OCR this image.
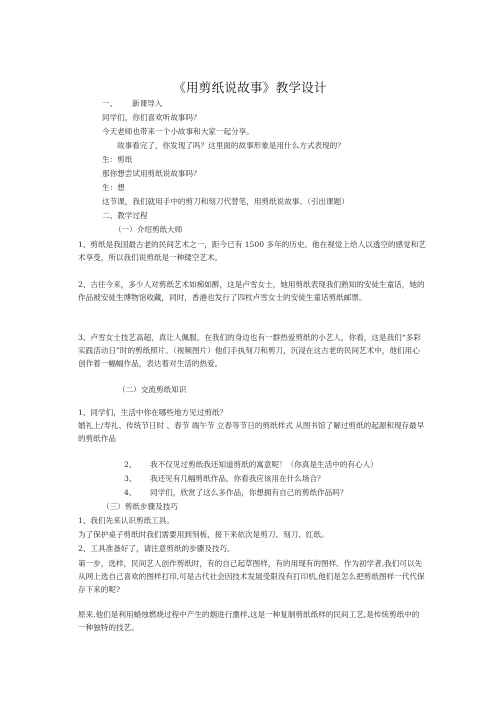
《用剪纸说故事》教学设计
一、 新课导入
同学们，你们喜欢听故事吗？
今天老师也带来一个小故事和大家一起分享。
故事看完了，你发现了吗？这里面的故事形象是用什么方式表现的？
生：剪纸
那你想尝试用剪纸说故事吗？
生：想
这节课，我们就用手中的剪刀和刻刀代替笔，用剪纸说故事。（引出课题）
二、教学过程
（一）介绍剪纸大师
1、剪纸是我国最古老的民间艺术之一，距今已有 1500 多年的历史。他在视觉上给人以透空的感觉和艺术享受，所以我们说剪纸是一种镂空艺术。
2、古往今来，多少人对剪纸艺术如痴如醉，这是卢雪女士，她用剪纸表现我们熟知的安徒生童话，她的作品被安徒生博物馆收藏，同时，香港也发行了四枚卢雪女士的安徒生童话剪纸邮票。
3、卢雪女士技艺高超，真让人佩服。在我们的身边也有一群热爱剪纸的小艺人，你看，这是我们“多彩实践活动日”时的剪纸照片。（视频图片）他们手执刻刀和剪刀，沉浸在这古老的民间艺术中，他们用心创作着一幅幅作品，表达着对生活的热爱。
（二）交流剪纸知识
1、同学们，生活中你在哪些地方见过剪纸？
婚礼上/寿礼、传统节日时 、春节 端午节 立春等节日的剪纸样式 从图书馆了解过剪纸的起源和现存最早的剪纸作品
2、 我不仅见过剪纸我还知道剪纸的寓意呢！（你真是生活中的有心人）
3、 我还见有几幅剪纸作品，你看我应该用在什么场合？
4、 同学们，欣赏了这么多作品，你想拥有自己的剪纸作品吗？
（三）剪纸步骤及技巧
1、我们先来认识剪纸工具。
为了保护桌子剪纸时我们需要用到刻板，接下来依次是剪刀、刻刀、红纸。
2、工具准备好了，请注意剪纸的步骤及技巧。
第一步，选样，民间艺人创作剪纸时，有的自己起草图样，有的用现有的图样。作为初学者,我们可以先从网上选自己喜欢的图样打印,可是古代社会因技术发展受限没有打印机,他们是怎么把剪纸图样一代代保存下来的呢?
原来,他们是利用蜡烛燃烧过程中产生的烟进行熏样,这是一种复制剪纸纸样的民间工艺,是传统剪纸中的一种独特的技艺。
